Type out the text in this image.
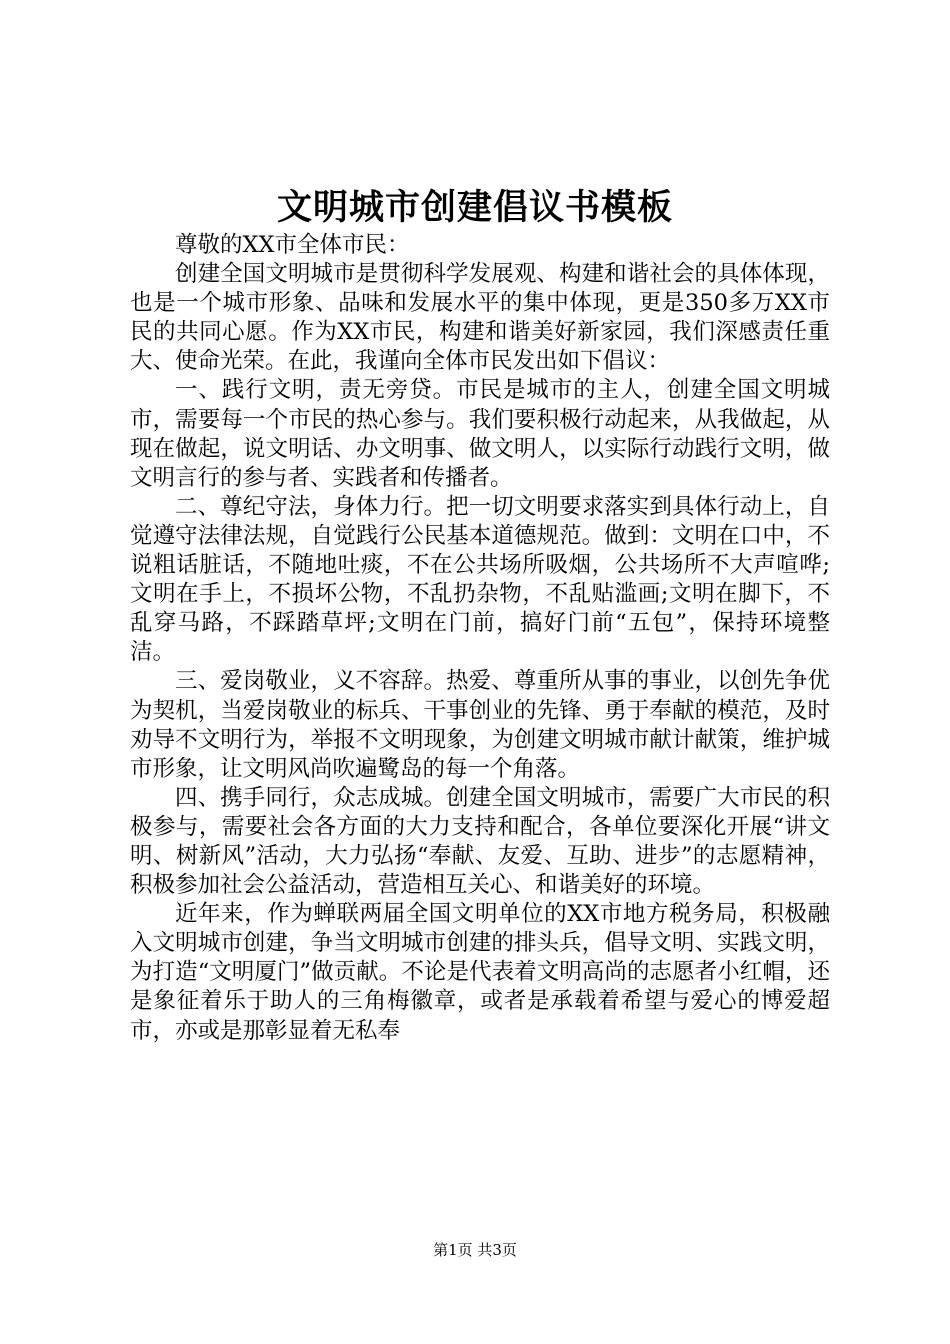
文明城市创建倡议书模板

尊敬的XX市全体市民：

创建全国文明城市是贯彻科学发展观、构建和谐社会的具体体现，也是一个城市形象、品味和发展水平的集中体现，更是350多万XX市民的共同心愿。作为XX市民，构建和谐美好新家园，我们深感责任重大、使命光荣。在此，我谨向全体市民发出如下倡议：

一、践行文明，责无旁贷。市民是城市的主人，创建全国文明城市，需要每一个市民的热心参与。我们要积极行动起来，从我做起，从现在做起，说文明话、办文明事、做文明人，以实际行动践行文明，做文明言行的参与者、实践者和传播者。

二、尊纪守法，身体力行。把一切文明要求落实到具体行动上，自觉遵守法律法规，自觉践行公民基本道德规范。做到：文明在口中，不说粗话脏话，不随地吐痰，不在公共场所吸烟，公共场所不大声喧哗;文明在手上，不损坏公物，不乱扔杂物，不乱贴滥画;文明在脚下，不乱穿马路，不踩踏草坪;文明在门前，搞好门前“五包”，保持环境整洁。

三、爱岗敬业，义不容辞。热爱、尊重所从事的事业，以创先争优为契机，当爱岗敬业的标兵、干事创业的先锋、勇于奉献的模范，及时劝导不文明行为，举报不文明现象，为创建文明城市献计献策，维护城市形象，让文明风尚吹遍鹭岛的每一个角落。

四、携手同行，众志成城。创建全国文明城市，需要广大市民的积极参与，需要社会各方面的大力支持和配合，各单位要深化开展“讲文明、树新风”活动，大力弘扬“奉献、友爱、互助、进步”的志愿精神，积极参加社会公益活动，营造相互关心、和谐美好的环境。

近年来，作为蝉联两届全国文明单位的XX市地方税务局，积极融入文明城市创建，争当文明城市创建的排头兵，倡导文明、实践文明，为打造“文明厦门”做贡献。不论是代表着文明高尚的志愿者小红帽，还是象征着乐于助人的三角梅徽章，或者是承载着希望与爱心的博爱超市，亦或是那彰显着无私奉

第1页 共3页
